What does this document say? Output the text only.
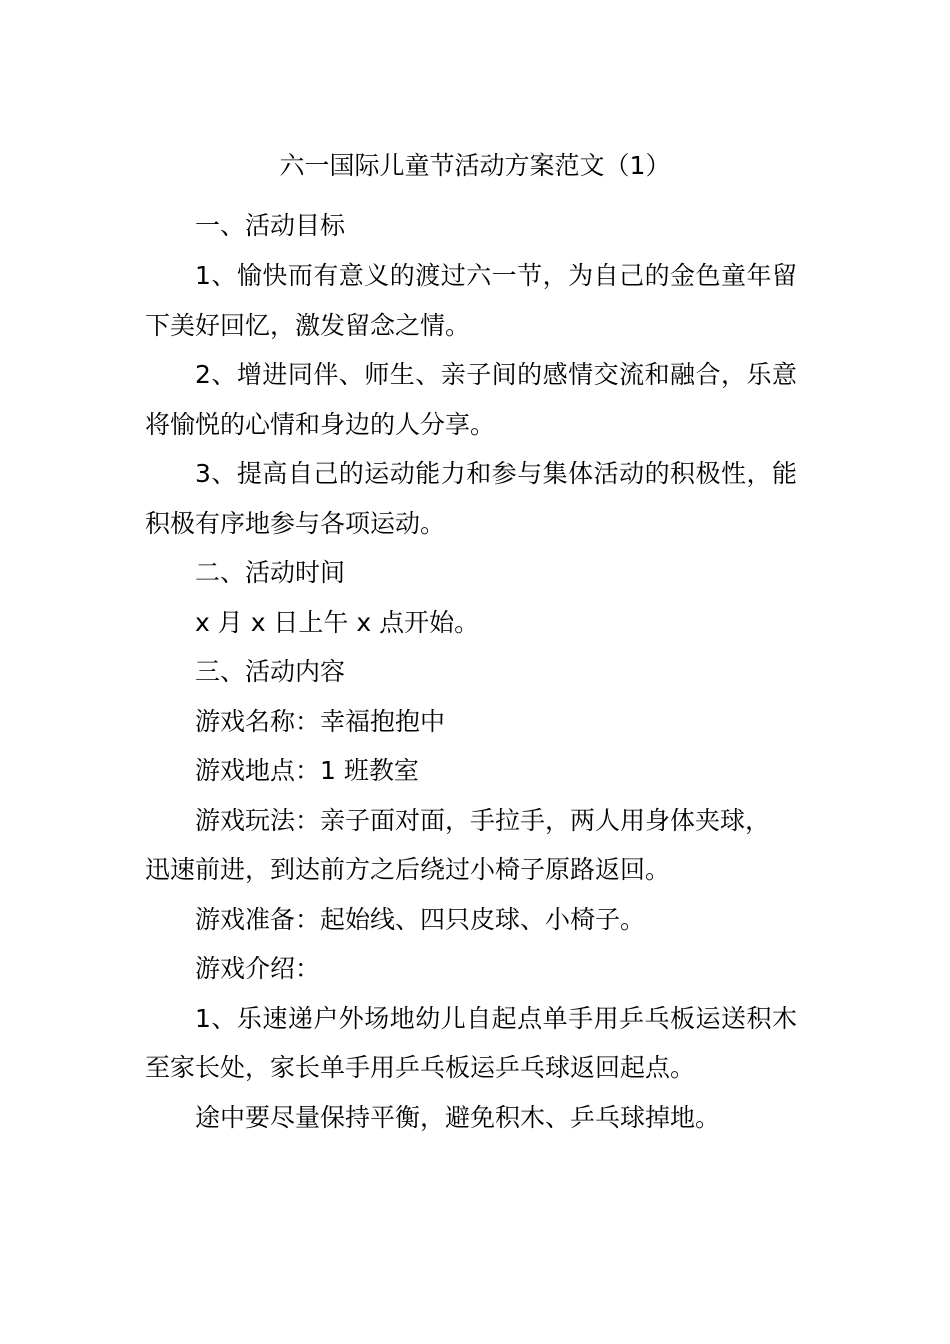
六一国际儿童节活动方案范文（1）
一、活动目标
1、愉快而有意义的渡过六一节，为自己的金色童年留
下美好回忆，激发留念之情。
2、增进同伴、师生、亲子间的感情交流和融合，乐意
将愉悦的心情和身边的人分享。
3、提高自己的运动能力和参与集体活动的积极性，能
积极有序地参与各项运动。
二、活动时间
x 月 x 日上午 x 点开始。
三、活动内容
游戏名称：幸福抱抱中
游戏地点：1 班教室
游戏玩法：亲子面对面，手拉手，两人用身体夹球，
迅速前进，到达前方之后绕过小椅子原路返回。
游戏准备：起始线、四只皮球、小椅子。
游戏介绍：
1、乐速递户外场地幼儿自起点单手用乒乓板运送积木
至家长处，家长单手用乒乓板运乒乓球返回起点。
途中要尽量保持平衡，避免积木、乒乓球掉地。
